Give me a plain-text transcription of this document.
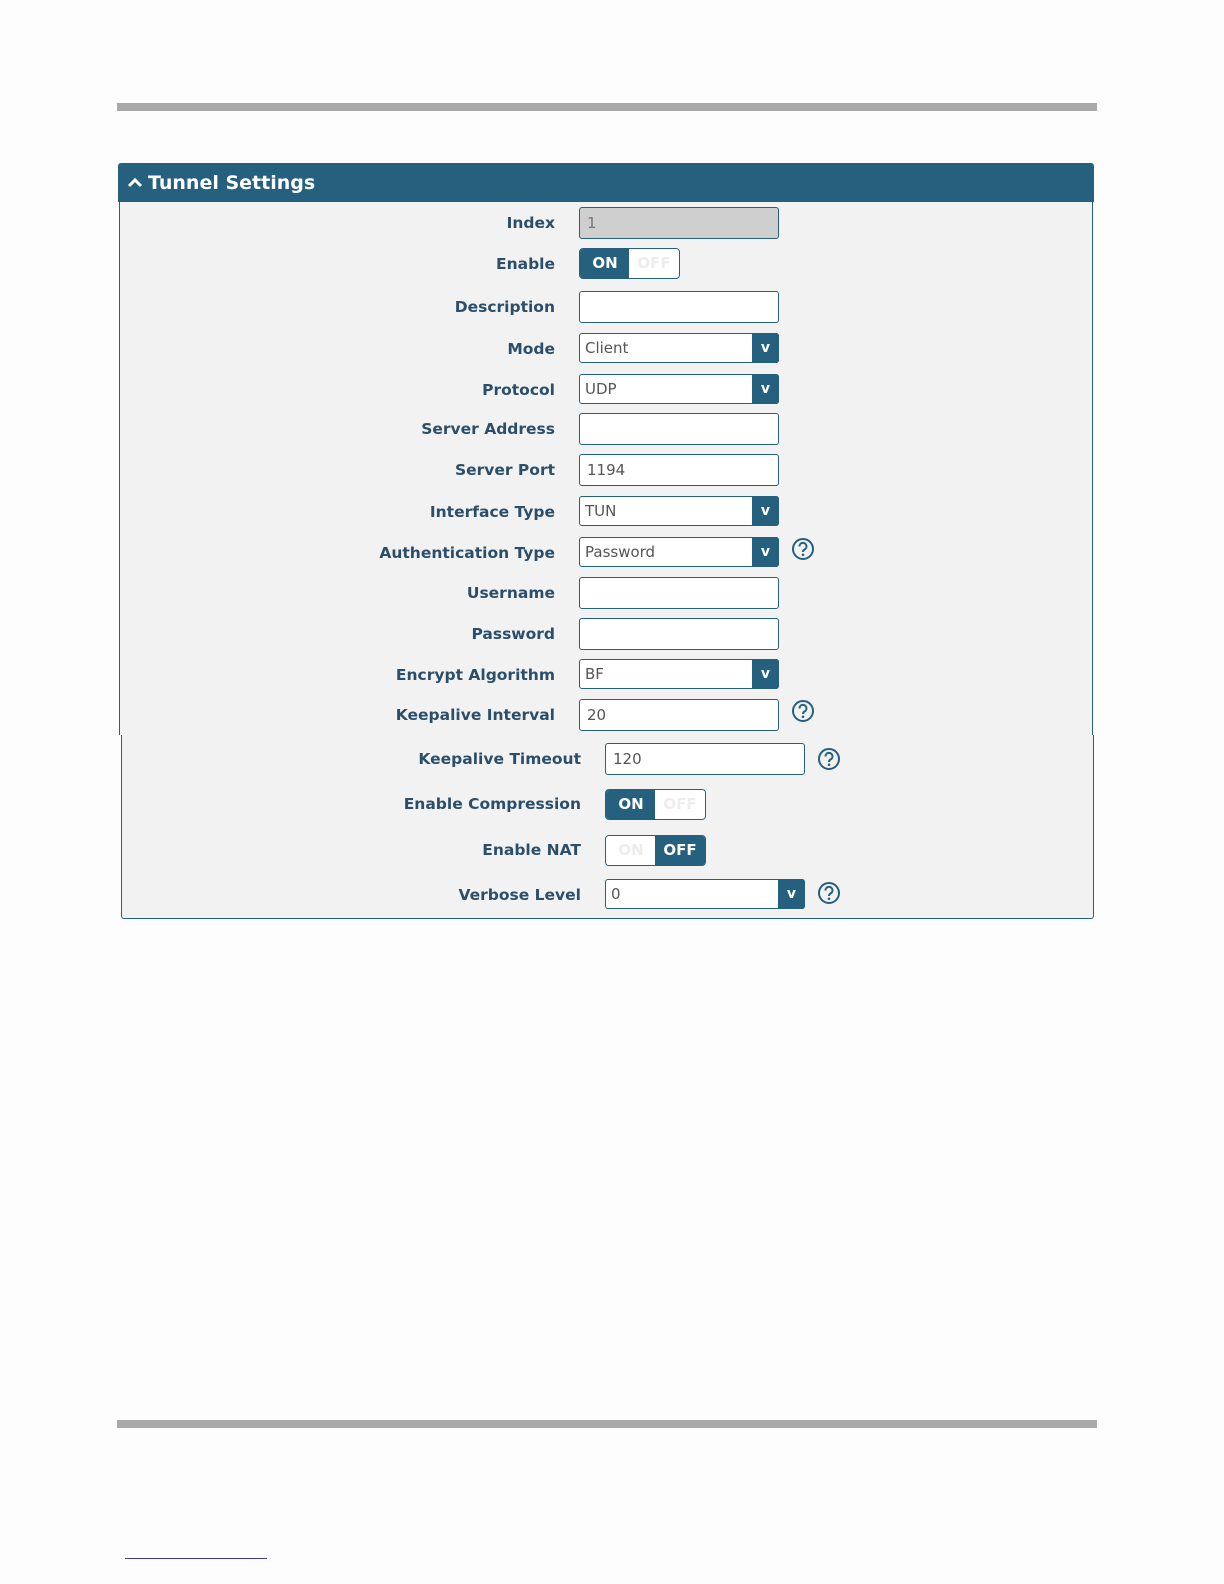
Tunnel Settings
Index	1
Enable	ON	OFF
Description
Mode	Client	v
Protocol	UDP	v
Server Address
Server Port	1194
Interface Type	TUN	v
Authentication Type	Password	v
Username
Password
Encrypt Algorithm	BF	v
Keepalive Interval	20
Keepalive Timeout	120
Enable Compression	ON	OFF
Enable NAT	ON	OFF
Verbose Level	0	v
